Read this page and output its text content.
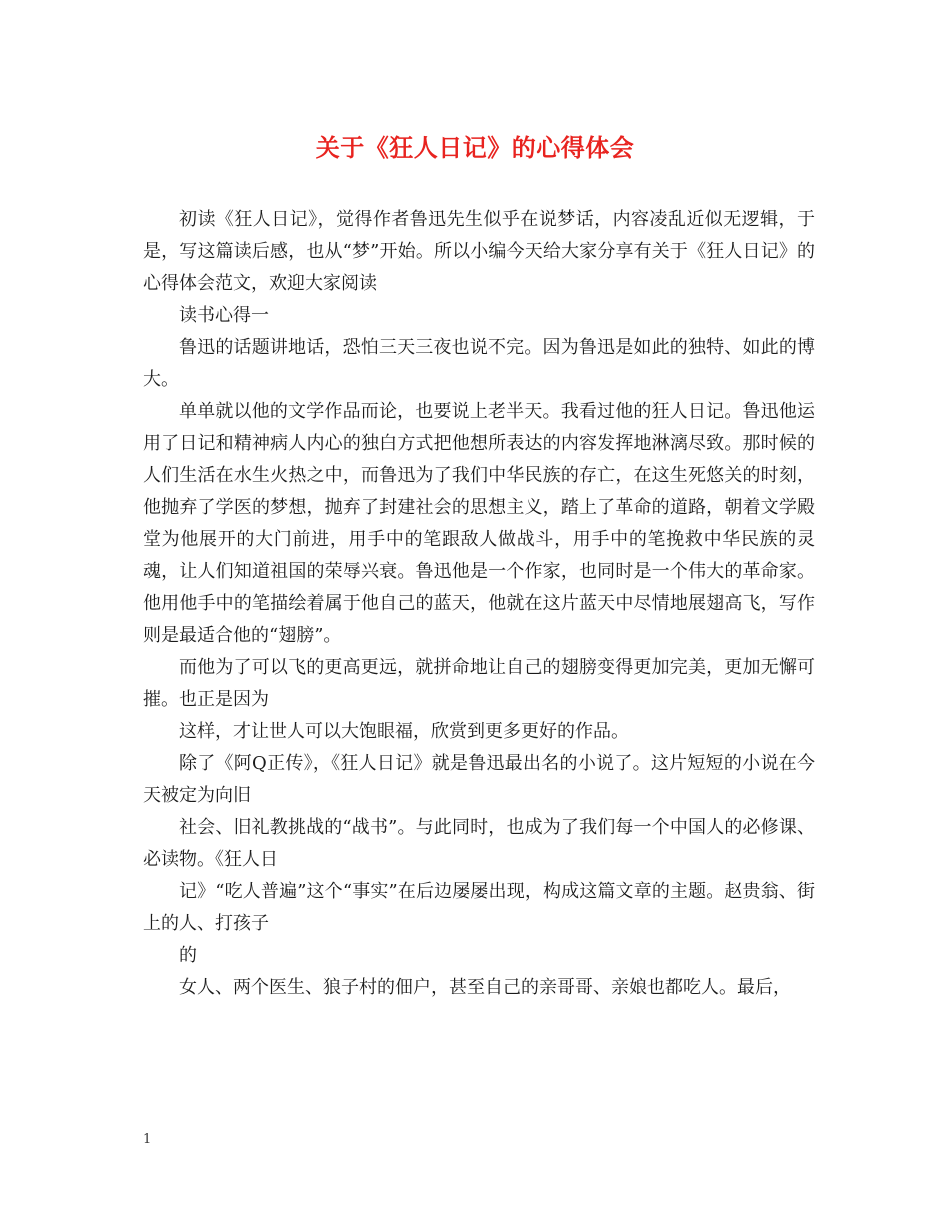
关于《狂人日记》的心得体会

初读《狂人日记》，觉得作者鲁迅先生似乎在说梦话，内容凌乱近似无逻辑，于是，写这篇读后感，也从“梦”开始。所以小编今天给大家分享有关于《狂人日记》的心得体会范文，欢迎大家阅读

读书心得一

鲁迅的话题讲地话，恐怕三天三夜也说不完。因为鲁迅是如此的独特、如此的博大。

单单就以他的文学作品而论，也要说上老半天。我看过他的狂人日记。鲁迅他运用了日记和精神病人内心的独白方式把他想所表达的内容发挥地淋漓尽致。那时候的人们生活在水生火热之中，而鲁迅为了我们中华民族的存亡，在这生死悠关的时刻，他抛弃了学医的梦想，抛弃了封建社会的思想主义，踏上了革命的道路，朝着文学殿堂为他展开的大门前进，用手中的笔跟敌人做战斗，用手中的笔挽救中华民族的灵魂，让人们知道祖国的荣辱兴衰。鲁迅他是一个作家，也同时是一个伟大的革命家。他用他手中的笔描绘着属于他自己的蓝天，他就在这片蓝天中尽情地展翅高飞，写作则是最适合他的“翅膀”。

而他为了可以飞的更高更远，就拼命地让自己的翅膀变得更加完美，更加无懈可摧。也正是因为

这样，才让世人可以大饱眼福，欣赏到更多更好的作品。

除了《阿Q正传》，《狂人日记》就是鲁迅最出名的小说了。这片短短的小说在今天被定为向旧

社会、旧礼教挑战的“战书”。与此同时，也成为了我们每一个中国人的必修课、必读物。《狂人日

记》“吃人普遍”这个“事实”在后边屡屡出现，构成这篇文章的主题。赵贵翁、街上的人、打孩子

的

女人、两个医生、狼子村的佃户，甚至自己的亲哥哥、亲娘也都吃人。最后，

1
